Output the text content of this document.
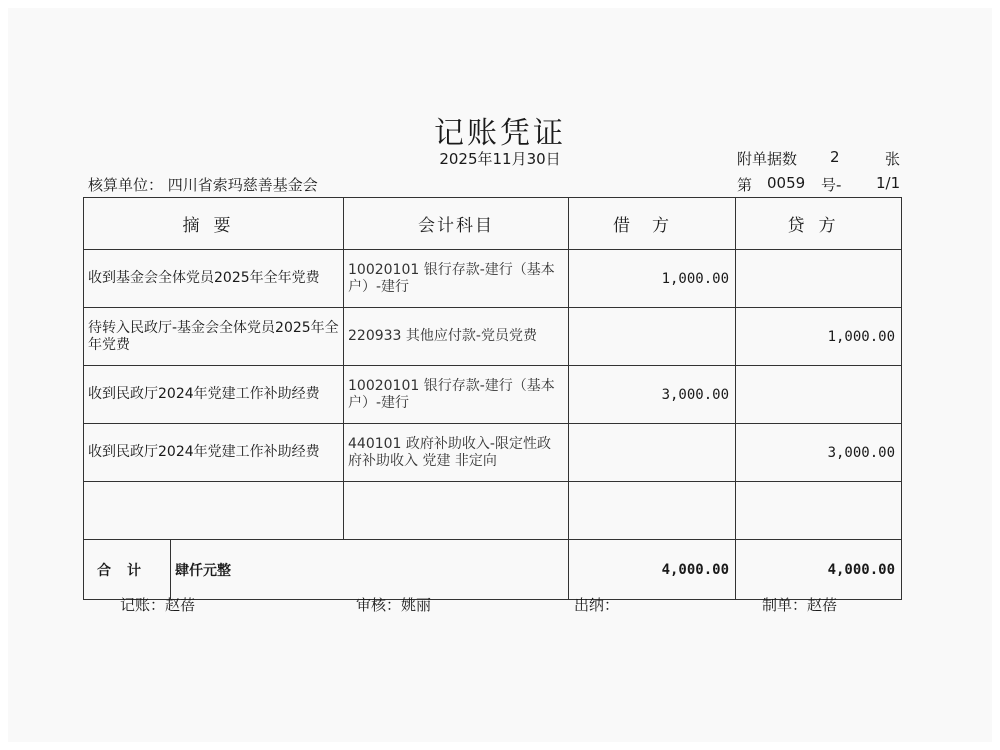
记账凭证
2025年11月30日	附单据数 2	张
核算单位： 四川省索玛慈善基金会	第 0059 号- 1/1
摘要		会计科目	借方	贷方
收到基金会全体党员2025年全年党费		10020101 银行存款-建行（基本户）-建行	1,000.00	
待转入民政厅-基金会全体党员2025年全年党费		220933 其他应付款-党员党费		1,000.00
收到民政厅2024年党建工作补助经费		10020101 银行存款-建行（基本户）-建行	3,000.00	
收到民政厅2024年党建工作补助经费		440101 政府补助收入-限定性政府补助收入 党建 非定向		3,000.00

合计	肆仟元整		4,000.00	4,000.00
记账：赵蓓	审核：姚丽	出纳：	制单：赵蓓
